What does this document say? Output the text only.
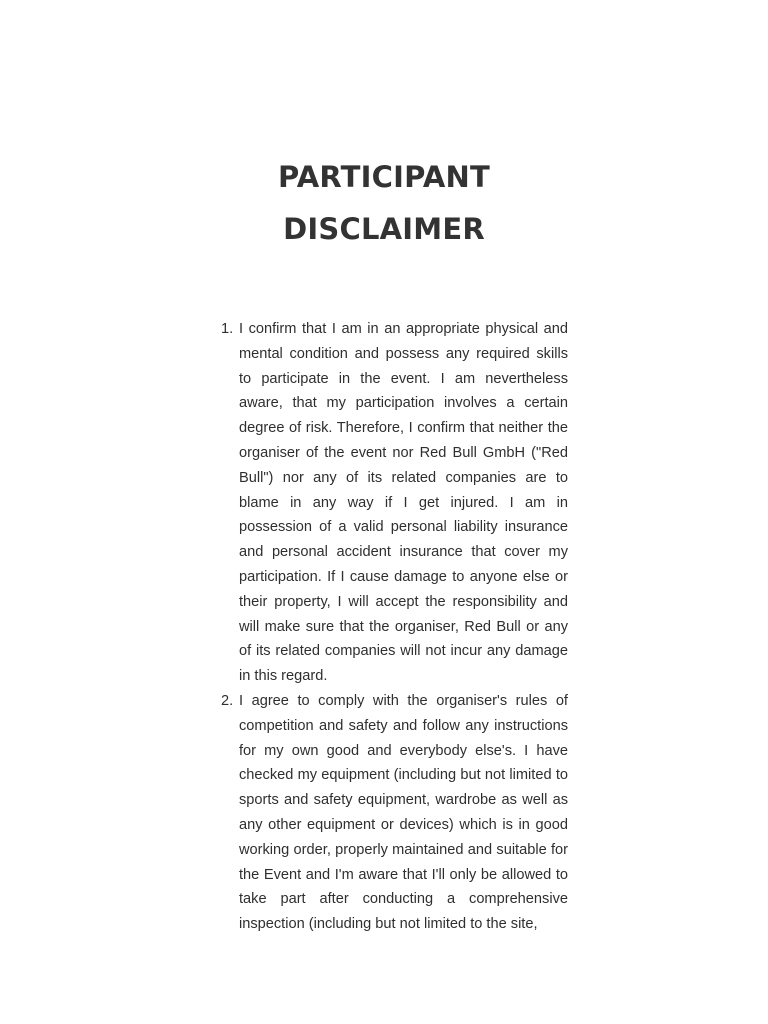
PARTICIPANT
DISCLAIMER
1. I confirm that I am in an appropriate physical and mental condition and possess any required skills to participate in the event. I am nevertheless aware, that my participation involves a certain degree of risk. Therefore, I confirm that neither the organiser of the event nor Red Bull GmbH ("Red Bull") nor any of its related companies are to blame in any way if I get injured. I am in possession of a valid personal liability insurance and personal accident insurance that cover my participation. If I cause damage to anyone else or their property, I will accept the responsibility and will make sure that the organiser, Red Bull or any of its related companies will not incur any damage in this regard.
2. I agree to comply with the organiser's rules of competition and safety and follow any instructions for my own good and everybody else's. I have checked my equipment (including but not limited to sports and safety equipment, wardrobe as well as any other equipment or devices) which is in good working order, properly maintained and suitable for the Event and I'm aware that I'll only be allowed to take part after conducting a comprehensive inspection (including but not limited to the site,
